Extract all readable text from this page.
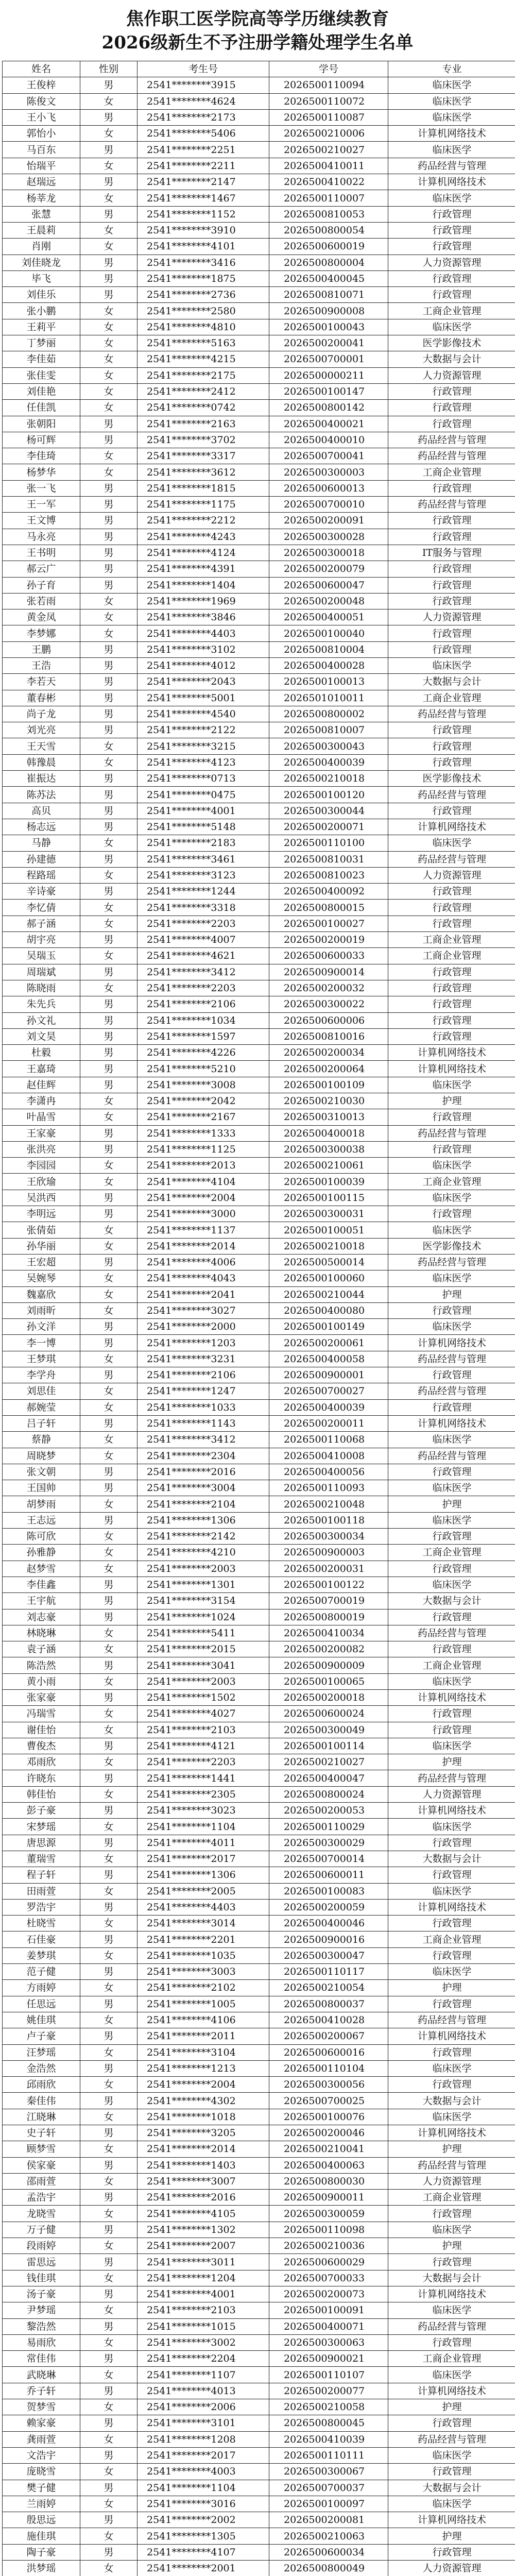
焦作职工医学院高等学历继续教育
2026级新生不予注册学籍处理学生名单
姓名	性别	考生号	学号	专业
王俊梓	男	2541********3915	2026500110094	临床医学
陈俊文	女	2541********4624	2026500110072	临床医学
王小飞	男	2541********2173	2026500110087	临床医学
郭怡小	女	2541********5406	2026500210006	计算机网络技术
马百东	男	2541********2251	2026500210027	临床医学
怡瑞平	女	2541********2211	2026500410011	药品经营与管理
赵瑞远	男	2541********2147	2026500410022	计算机网络技术
杨莘龙	女	2541********1467	2026500110007	临床医学
张慧	男	2541********1152	2026500810053	行政管理
王晨莉	女	2541********3910	2026500800054	行政管理
肖刚	女	2541********4101	2026500600019	行政管理
刘佳晓龙	男	2541********3416	2026500800004	人力资源管理
毕飞	男	2541********1875	2026500400045	行政管理
刘佳乐	男	2541********2736	2026500810071	行政管理
张小鹏	女	2541********2580	2026500900008	工商企业管理
王莉平	女	2541********4810	2026500100043	临床医学
丁梦丽	女	2541********5163	2026500200041	医学影像技术
李佳茹	女	2541********4215	2026500700001	大数据与会计
张佳雯	女	2541********2175	2026500000211	人力资源管理
刘佳艳	女	2541********2412	2026500100147	行政管理
任佳凯	女	2541********0742	2026500800142	行政管理
张朝阳	男	2541********2163	2026500400021	行政管理
杨可辉	男	2541********3702	2026500400010	药品经营与管理
李佳琦	女	2541********3317	2026500700041	药品经营与管理
杨梦华	女	2541********3612	2026500300003	工商企业管理
张一飞	男	2541********1815	2026500600013	行政管理
王一军	男	2541********1175	2026500700010	药品经营与管理
王文博	男	2541********2212	2026500200091	行政管理
马永亮	男	2541********4243	2026500300028	行政管理
王书明	男	2541********4124	2026500300018	IT服务与管理
郝云广	男	2541********4391	2026500200079	行政管理
孙子育	男	2541********1404	2026500600047	行政管理
张若雨	女	2541********1969	2026500200048	行政管理
黄金凤	女	2541********3846	2026500400051	人力资源管理
李梦娜	女	2541********4403	2026500100040	行政管理
王鹏	男	2541********3102	2026500810004	行政管理
王浩	男	2541********4012	2026500400028	临床医学
李若天	男	2541********2043	2026500100013	大数据与会计
董春彬	男	2541********5001	2026501010011	工商企业管理
尚子龙	男	2541********4540	2026500800002	药品经营与管理
刘光亮	男	2541********2122	2026500810007	行政管理
王天雪	女	2541********3215	2026500300043	行政管理
韩豫晨	女	2541********4123	2026500400039	行政管理
崔振达	男	2541********0713	2026500210018	医学影像技术
陈苏法	男	2541********0475	2026500100120	药品经营与管理
高贝	男	2541********4001	2026500300044	行政管理
杨志远	男	2541********5148	2026500200071	计算机网络技术
马静	女	2541********2183	2026500110100	临床医学
孙建德	男	2541********3461	2026500810031	药品经营与管理
程路瑶	女	2541********3123	2026500810023	人力资源管理
辛诗豪	男	2541********1244	2026500400092	行政管理
李忆倩	女	2541********3318	2026500800015	行政管理
郝子涵	女	2541********2203	2026500100027	行政管理
胡宇亮	男	2541********4007	2026500200019	工商企业管理
吴瑞玉	女	2541********4621	2026500600033	工商企业管理
周瑞斌	男	2541********3412	2026500900014	行政管理
陈晓雨	女	2541********2203	2026500200032	行政管理
朱先兵	男	2541********2106	2026500300022	行政管理
孙文礼	男	2541********1034	2026500600006	行政管理
刘文昊	男	2541********1597	2026500810016	行政管理
杜毅	男	2541********4226	2026500200034	计算机网络技术
王嘉琦	男	2541********5210	2026500200064	计算机网络技术
赵佳辉	男	2541********3008	2026500100109	临床医学
李潇冉	女	2541********2042	2026500210030	护理
叶晶雪	女	2541********2167	2026500310013	行政管理
王家豪	男	2541********1333	2026500400018	药品经营与管理
张洪亮	男	2541********1125	2026500300038	行政管理
李园园	女	2541********2013	2026500210061	临床医学
王欣瑜	女	2541********4104	2026500100039	工商企业管理
吴洪西	男	2541********2004	2026500100115	临床医学
李明远	男	2541********3000	2026500300031	行政管理
张倩茹	女	2541********1137	2026500100051	临床医学
孙华丽	女	2541********2014	2026500210018	医学影像技术
王宏超	男	2541********4006	2026500500014	药品经营与管理
吴婉琴	女	2541********4043	2026500100060	临床医学
魏嘉欣	女	2541********2041	2026500210044	护理
刘雨昕	女	2541********3027	2026500400080	行政管理
孙文洋	男	2541********2000	2026500100149	临床医学
李一博	男	2541********1203	2026500200061	计算机网络技术
王梦琪	女	2541********3231	2026500400058	药品经营与管理
李学舟	男	2541********2106	2026500900001	行政管理
刘思佳	女	2541********1247	2026500700027	药品经营与管理
郝婉莹	女	2541********1033	2026500400039	行政管理
吕子轩	男	2541********1143	2026500200011	计算机网络技术
蔡静	女	2541********3412	2026500110068	临床医学
周晓梦	女	2541********2304	2026500410008	药品经营与管理
张文朝	男	2541********2016	2026500400056	行政管理
王国帅	男	2541********3004	2026500110093	临床医学
胡梦雨	女	2541********2104	2026500210048	护理
王志远	男	2541********1306	2026500100118	临床医学
陈可欣	女	2541********2142	2026500300034	行政管理
孙雅静	女	2541********4210	2026500900003	工商企业管理
赵梦雪	女	2541********2003	2026500200031	行政管理
李佳鑫	男	2541********1301	2026500100122	临床医学
王宇航	男	2541********3154	2026500700019	大数据与会计
刘志豪	男	2541********1024	2026500800019	行政管理
林晓琳	女	2541********5411	2026500410034	药品经营与管理
袁子涵	女	2541********2015	2026500200082	行政管理
陈浩然	男	2541********3041	2026500900009	工商企业管理
黄小雨	女	2541********2003	2026500100065	临床医学
张家豪	男	2541********1502	2026500200018	计算机网络技术
冯瑞雪	女	2541********4027	2026500600024	行政管理
谢佳怡	女	2541********2103	2026500300049	行政管理
曹俊杰	男	2541********4121	2026500100114	临床医学
邓雨欣	女	2541********2203	2026500210027	护理
许晓东	男	2541********1441	2026500400047	药品经营与管理
韩佳怡	女	2541********2305	2026500800024	人力资源管理
彭子豪	男	2541********3023	2026500200053	计算机网络技术
宋梦瑶	女	2541********1104	2026500110029	临床医学
唐思源	男	2541********4011	2026500300029	行政管理
董瑞雪	女	2541********2017	2026500700014	大数据与会计
程子轩	男	2541********1306	2026500600011	行政管理
田雨萱	女	2541********2005	2026500100083	临床医学
罗浩宇	男	2541********4403	2026500200059	计算机网络技术
杜晓雪	女	2541********3014	2026500400046	行政管理
石佳豪	男	2541********2201	2026500900016	工商企业管理
姜梦琪	女	2541********1035	2026500300047	行政管理
范子健	男	2541********3003	2026500110117	临床医学
方雨婷	女	2541********2102	2026500210054	护理
任思远	男	2541********1005	2026500800037	行政管理
姚佳琪	女	2541********4106	2026500410028	药品经营与管理
卢子豪	男	2541********2011	2026500200067	计算机网络技术
汪梦瑶	女	2541********3104	2026500600016	行政管理
金浩然	男	2541********1213	2026500110104	临床医学
邱雨欣	女	2541********2004	2026500300056	行政管理
秦佳伟	男	2541********4302	2026500700025	大数据与会计
江晓琳	女	2541********1018	2026500100076	临床医学
史子轩	男	2541********3205	2026500200046	计算机网络技术
顾梦雪	女	2541********2014	2026500210041	护理
侯家豪	男	2541********1403	2026500400063	药品经营与管理
邵雨萱	女	2541********3007	2026500800030	人力资源管理
孟浩宇	男	2541********2016	2026500900011	工商企业管理
龙晓雪	女	2541********4105	2026500300059	行政管理
万子健	男	2541********1302	2026500110098	临床医学
段雨婷	女	2541********2007	2026500210036	护理
雷思远	男	2541********3011	2026500600029	行政管理
钱佳琪	女	2541********1204	2026500700033	大数据与会计
汤子豪	男	2541********4001	2026500200073	计算机网络技术
尹梦瑶	女	2541********2103	2026500100091	临床医学
黎浩然	男	2541********1015	2026500400071	药品经营与管理
易雨欣	女	2541********3002	2026500300063	行政管理
常佳伟	男	2541********2204	2026500900021	工商企业管理
武晓琳	女	2541********1107	2026500110107	临床医学
乔子轩	男	2541********4013	2026500200077	计算机网络技术
贺梦雪	女	2541********2006	2026500210058	护理
赖家豪	男	2541********3101	2026500800045	行政管理
龚雨萱	女	2541********1208	2026500410039	药品经营与管理
文浩宇	男	2541********2017	2026500110111	临床医学
庞晓雪	女	2541********4003	2026500300067	行政管理
樊子健	男	2541********1104	2026500700037	大数据与会计
兰雨婷	女	2541********3016	2026500100097	临床医学
殷思远	男	2541********2002	2026500200081	计算机网络技术
施佳琪	女	2541********1305	2026500210063	护理
陶子豪	男	2541********4107	2026500600034	行政管理
洪梦瑶	女	2541********2001	2026500800049	人力资源管理
